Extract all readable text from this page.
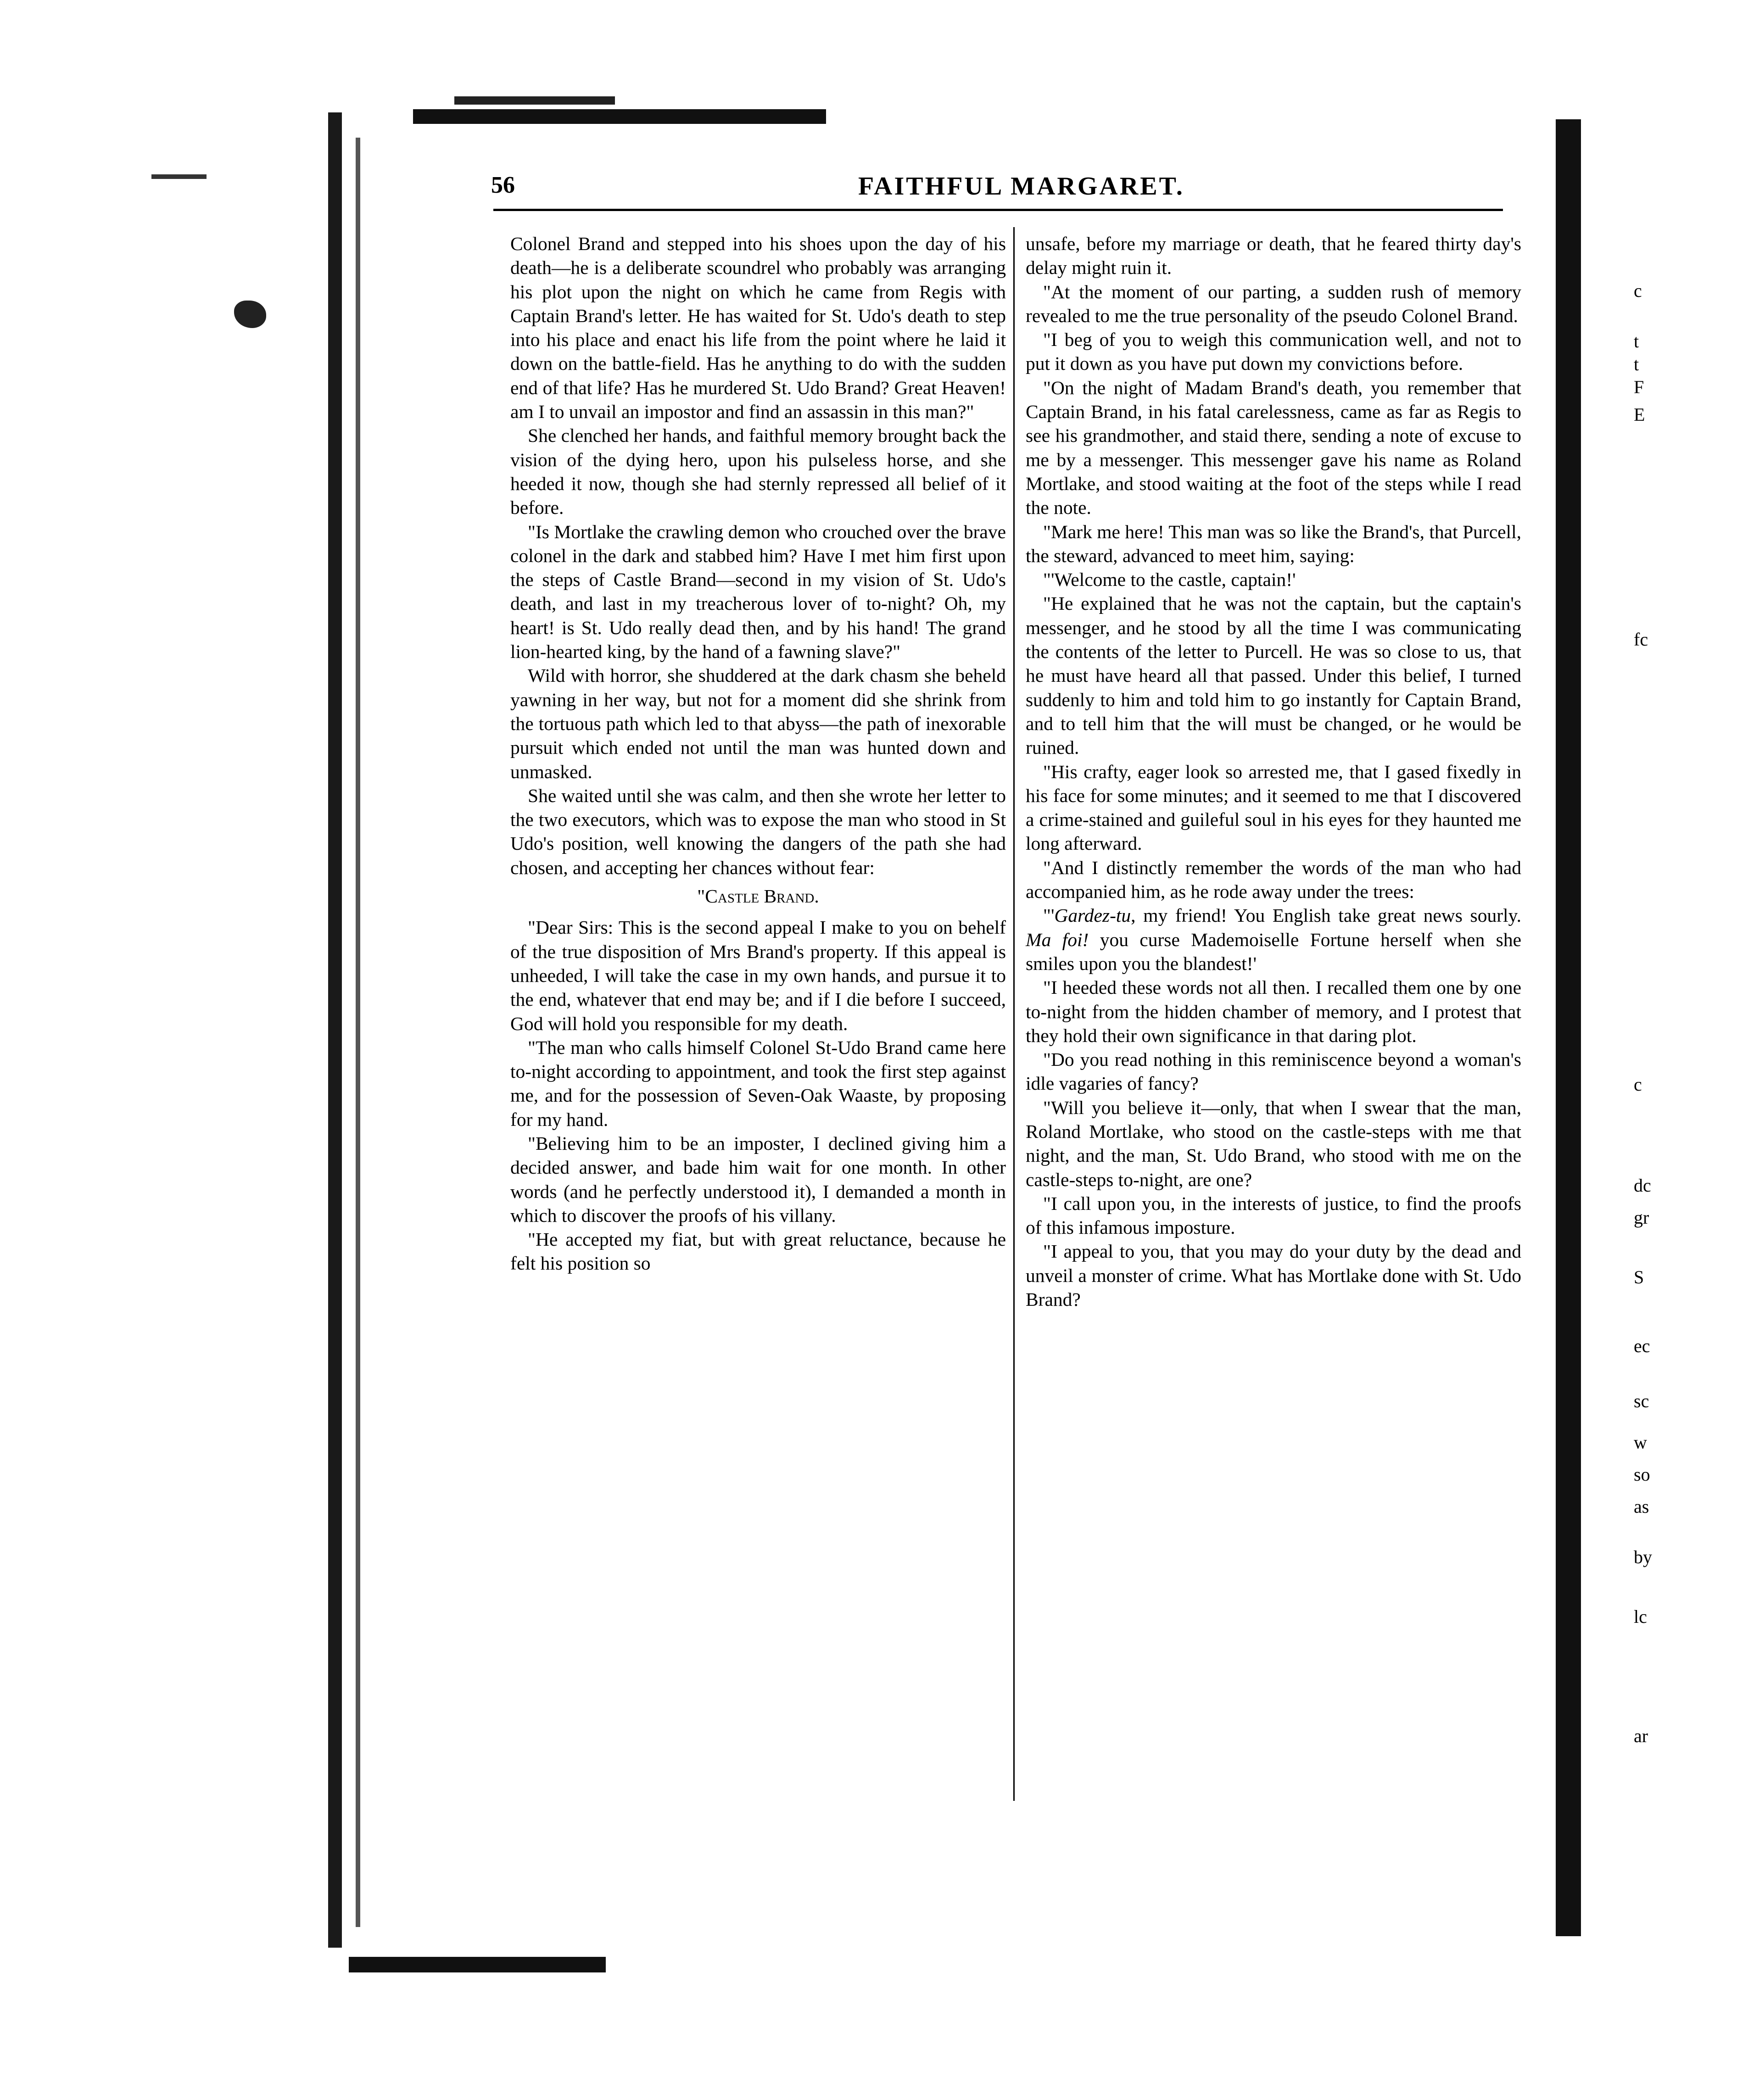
56	FAITHFUL MARGARET.

Colonel Brand and stepped into his shoes upon the day of his death—he is a deliberate scoundrel who probably was arranging his plot upon the night on which he came from Regis with Captain Brand's letter. He has waited for St. Udo's death to step into his place and enact his life from the point where he laid it down on the battle-field. Has he anything to do with the sudden end of that life? Has he murdered St. Udo Brand? Great Heaven! am I to unvail an impostor and find an assassin in this man?"

She clenched her hands, and faithful memory brought back the vision of the dying hero, upon his pulseless horse, and she heeded it now, though she had sternly repressed all belief of it before.

"Is Mortlake the crawling demon who crouched over the brave colonel in the dark and stabbed him? Have I met him first upon the steps of Castle Brand—second in my vision of St. Udo's death, and last in my treacherous lover of to-night? Oh, my heart! is St. Udo really dead then, and by his hand! The grand lion-hearted king, by the hand of a fawning slave?"

Wild with horror, she shuddered at the dark chasm she beheld yawning in her way, but not for a moment did she shrink from the tortuous path which led to that abyss—the path of inexorable pursuit which ended not until the man was hunted down and unmasked.

She waited until she was calm, and then she wrote her letter to the two executors, which was to expose the man who stood in St Udo's position, well knowing the dangers of the path she had chosen, and accepting her chances without fear:

"Castle Brand.

"Dear Sirs: This is the second appeal I make to you on behelf of the true disposition of Mrs Brand's property. If this appeal is unheeded, I will take the case in my own hands, and pursue it to the end, whatever that end may be; and if I die before I succeed, God will hold you responsible for my death.

"The man who calls himself Colonel St-Udo Brand came here to-night according to appointment, and took the first step against me, and for the possession of Seven-Oak Waaste, by proposing for my hand.

"Believing him to be an imposter, I declined giving him a decided answer, and bade him wait for one month. In other words (and he perfectly understood it), I demanded a month in which to discover the proofs of his villany.

"He accepted my fiat, but with great reluctance, because he felt his position so

unsafe, before my marriage or death, that he feared thirty day's delay might ruin it.

"At the moment of our parting, a sudden rush of memory revealed to me the true personality of the pseudo Colonel Brand.

"I beg of you to weigh this communication well, and not to put it down as you have put down my convictions before.

"On the night of Madam Brand's death, you remember that Captain Brand, in his fatal carelessness, came as far as Regis to see his grandmother, and staid there, sending a note of excuse to me by a messenger. This messenger gave his name as Roland Mortlake, and stood waiting at the foot of the steps while I read the note.

"Mark me here! This man was so like the Brand's, that Purcell, the steward, advanced to meet him, saying:

"'Welcome to the castle, captain!'

"He explained that he was not the captain, but the captain's messenger, and he stood by all the time I was communicating the contents of the letter to Purcell. He was so close to us, that he must have heard all that passed. Under this belief, I turned suddenly to him and told him to go instantly for Captain Brand, and to tell him that the will must be changed, or he would be ruined.

"His crafty, eager look so arrested me, that I gased fixedly in his face for some minutes; and it seemed to me that I discovered a crime-stained and guileful soul in his eyes for they haunted me long afterward.

"And I distinctly remember the words of the man who had accompanied him, as he rode away under the trees:

"'Gardez-tu, my friend! You English take great news sourly. Ma foi! you curse Mademoiselle Fortune herself when she smiles upon you the blandest!'

"I heeded these words not all then. I recalled them one by one to-night from the hidden chamber of memory, and I protest that they hold their own significance in that daring plot.

"Do you read nothing in this reminiscence beyond a woman's idle vagaries of fancy?

"Will you believe it—only, that when I swear that the man, Roland Mortlake, who stood on the castle-steps with me that night, and the man, St. Udo Brand, who stood with me on the castle-steps to-night, are one?

"I call upon you, in the interests of justice, to find the proofs of this infamous imposture.

"I appeal to you, that you may do your duty by the dead and unveil a monster of crime. What has Mortlake done with St. Udo Brand?

c
t
t
F
E
fc
c
dc
gr
S
ec
sc
w
so
as
by
lc
ar
